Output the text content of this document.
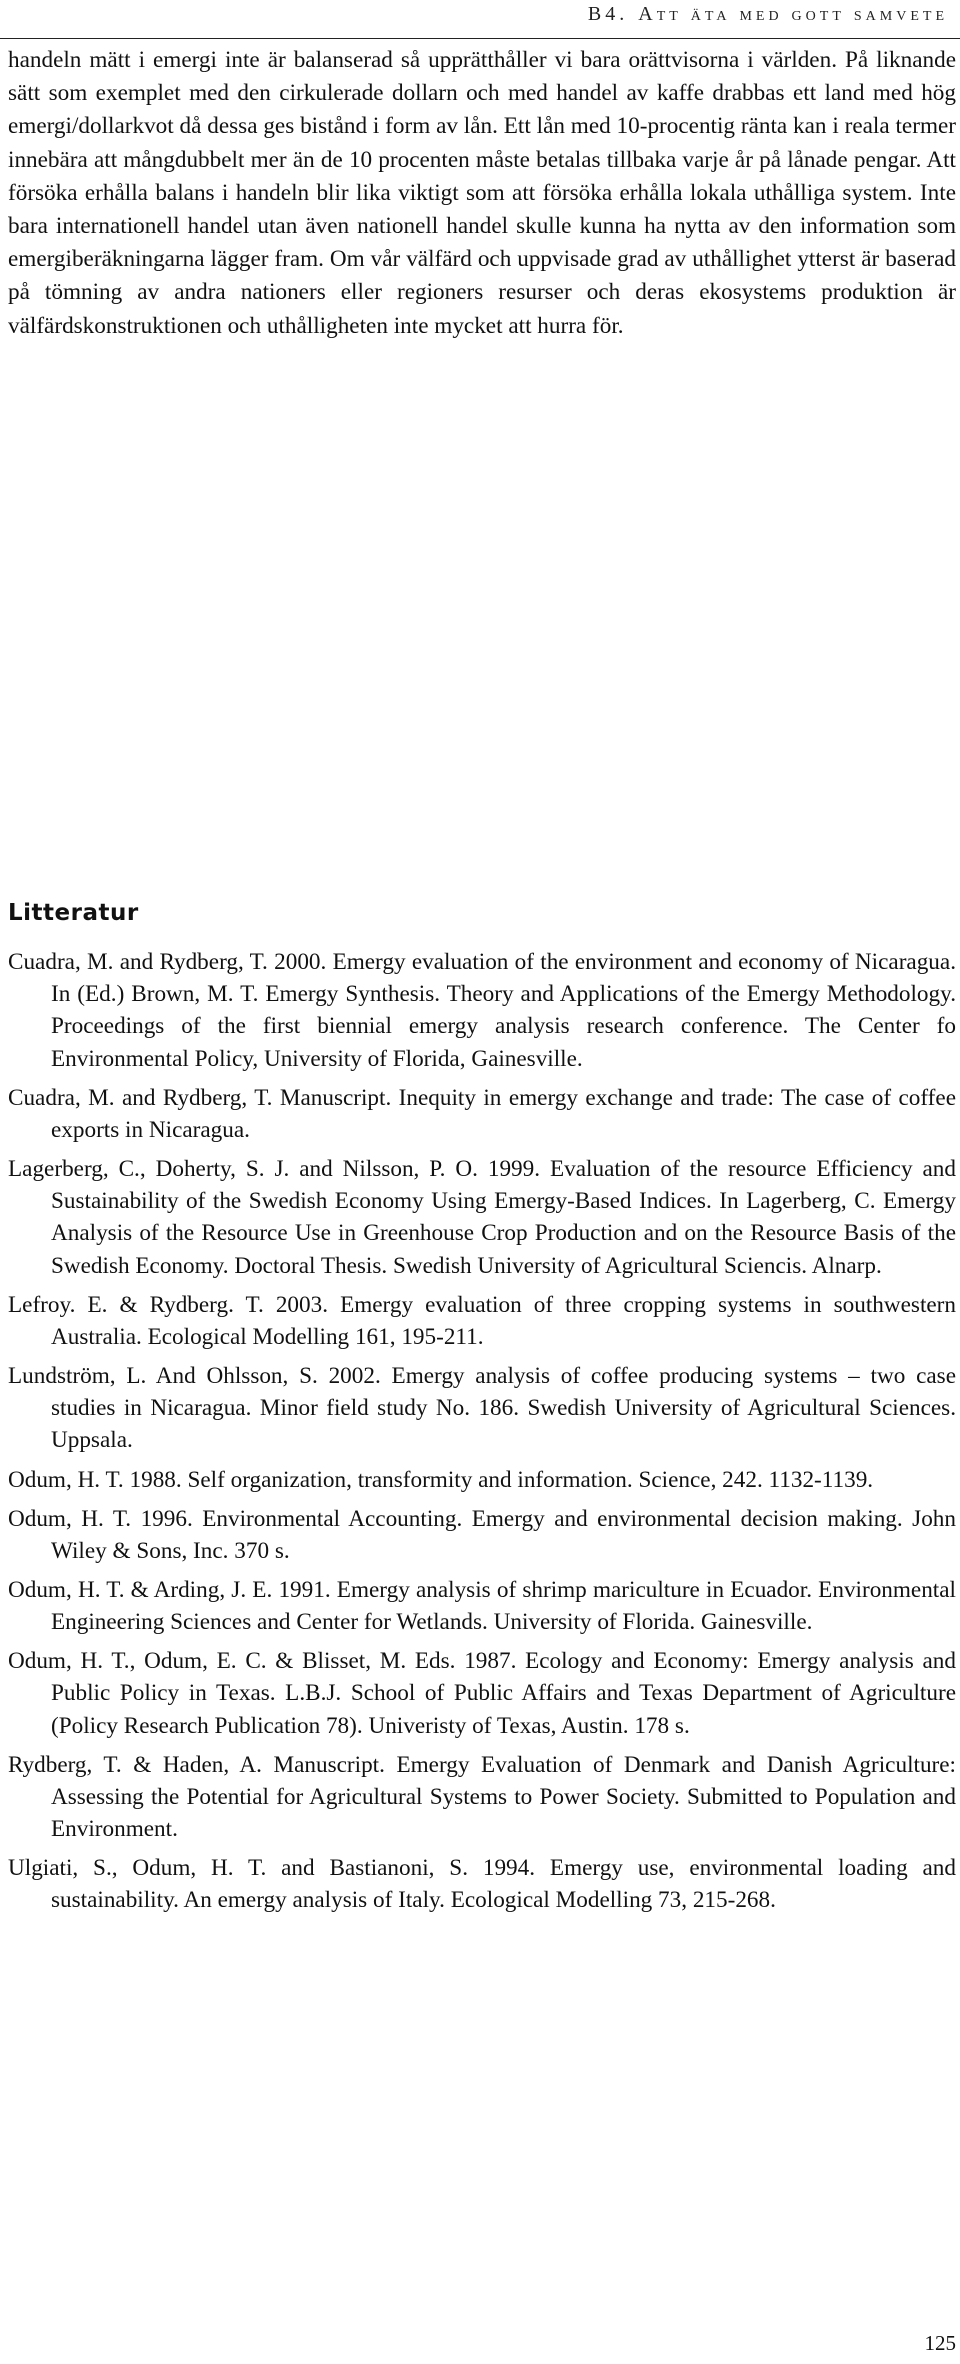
B4. Att äta med gott samvete

handeln mätt i emergi inte är balanserad så upprätthåller vi bara orättvisorna i världen. På liknande sätt som exemplet med den cirkulerade dollarn och med handel av kaffe drabbas ett land med hög emergi/dollarkvot då dessa ges bistånd i form av lån. Ett lån med 10-procentig ränta kan i reala termer innebära att mångdubbelt mer än de 10 procenten måste betalas tillbaka varje år på lånade pengar. Att försöka erhålla balans i handeln blir lika viktigt som att försöka erhålla lokala uthålliga system. Inte bara internationell handel utan även nationell handel skulle kunna ha nytta av den information som emergiberäkningarna lägger fram. Om vår välfärd och uppvisade grad av uthållighet ytterst är baserad på tömning av andra nationers eller regioners resurser och deras ekosystems produktion är välfärdskonstruktionen och uthålligheten inte mycket att hurra för.

Litteratur
Cuadra, M. and Rydberg, T. 2000. Emergy evaluation of the environment and economy of Nicaragua. In (Ed.) Brown, M. T. Emergy Synthesis. Theory and Applications of the Emergy Methodology. Proceedings of the first biennial emergy analysis research conference. The Center fo Environmental Policy, University of Florida, Gainesville.
Cuadra, M. and Rydberg, T. Manuscript. Inequity in emergy exchange and trade: The case of coffee exports in Nicaragua.
Lagerberg, C., Doherty, S. J. and Nilsson, P. O. 1999. Evaluation of the resource Efficiency and Sustainability of the Swedish Economy Using Emergy-Based Indices. In Lagerberg, C. Emergy Analysis of the Resource Use in Greenhouse Crop Production and on the Resource Basis of the Swedish Economy. Doctoral Thesis. Swedish University of Agricultural Sciencis. Alnarp.
Lefroy. E. & Rydberg. T. 2003. Emergy evaluation of three cropping systems in southwestern Australia. Ecological Modelling 161, 195-211.
Lundström, L. And Ohlsson, S. 2002. Emergy analysis of coffee producing systems – two case studies in Nicaragua. Minor field study No. 186. Swedish University of Agricultural Sciences. Uppsala.
Odum, H. T. 1988. Self organization, transformity and information. Science, 242. 1132-1139.
Odum, H. T. 1996. Environmental Accounting. Emergy and environmental decision making. John Wiley & Sons, Inc. 370 s.
Odum, H. T. & Arding, J. E. 1991. Emergy analysis of shrimp mariculture in Ecuador. Environmental Engineering Sciences and Center for Wetlands. University of Florida. Gainesville.
Odum, H. T., Odum, E. C. & Blisset, M. Eds. 1987. Ecology and Economy: Emergy analysis and Public Policy in Texas. L.B.J. School of Public Affairs and Texas Department of Agriculture (Policy Research Publication 78). Univeristy of Texas, Austin. 178 s.
Rydberg, T. & Haden, A. Manuscript. Emergy Evaluation of Denmark and Danish Agriculture: Assessing the Potential for Agricultural Systems to Power Society. Submitted to Population and Environment.
Ulgiati, S., Odum, H. T. and Bastianoni, S. 1994. Emergy use, environmental loading and sustainability. An emergy analysis of Italy. Ecological Modelling 73, 215-268.
125
